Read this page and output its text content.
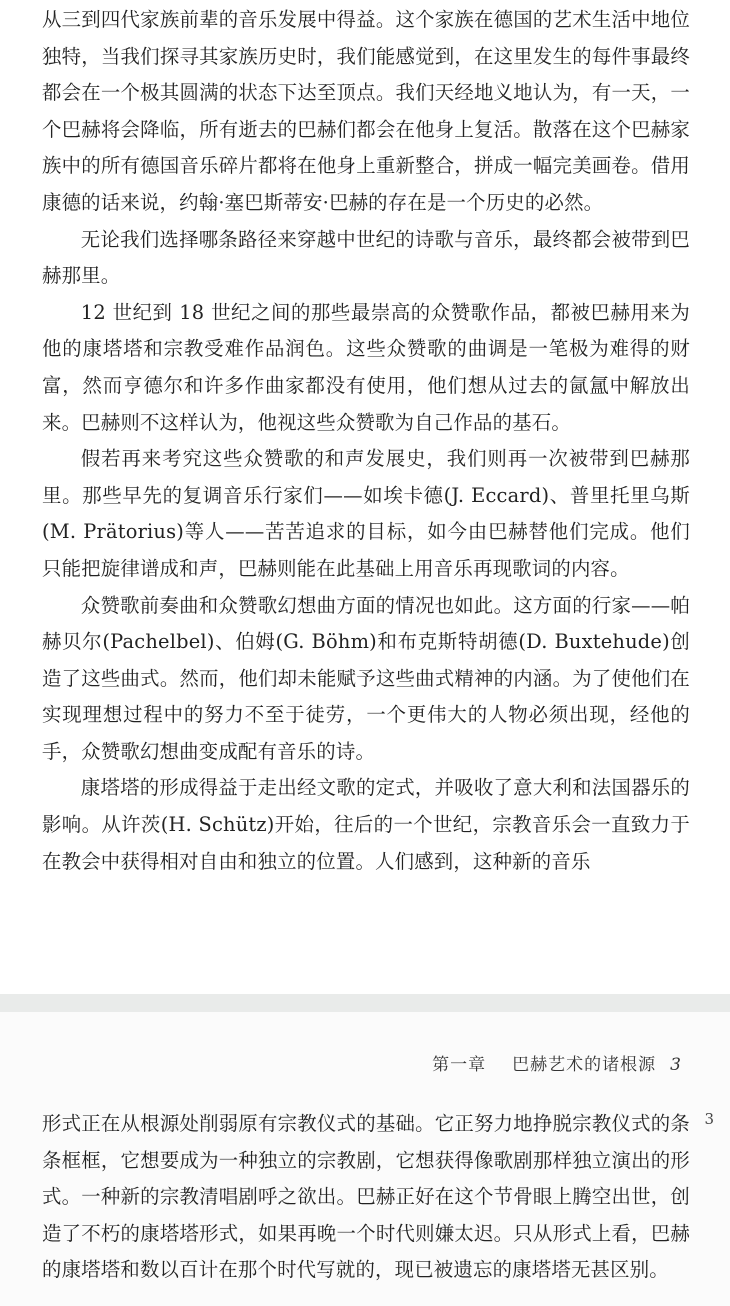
从三到四代家族前辈的音乐发展中得益。这个家族在德国的艺术生活中地位独特，当我们探寻其家族历史时，我们能感觉到，在这里发生的每件事最终都会在一个极其圆满的状态下达至顶点。我们天经地义地认为，有一天，一个巴赫将会降临，所有逝去的巴赫们都会在他身上复活。散落在这个巴赫家族中的所有德国音乐碎片都将在他身上重新整合，拼成一幅完美画卷。借用康德的话来说，约翰·塞巴斯蒂安·巴赫的存在是一个历史的必然。

无论我们选择哪条路径来穿越中世纪的诗歌与音乐，最终都会被带到巴赫那里。

12 世纪到 18 世纪之间的那些最崇高的众赞歌作品，都被巴赫用来为他的康塔塔和宗教受难作品润色。这些众赞歌的曲调是一笔极为难得的财富，然而亨德尔和许多作曲家都没有使用，他们想从过去的氤氲中解放出来。巴赫则不这样认为，他视这些众赞歌为自己作品的基石。

假若再来考究这些众赞歌的和声发展史，我们则再一次被带到巴赫那里。那些早先的复调音乐行家们——如埃卡德(J. Eccard)、普里托里乌斯(M. Prätorius)等人——苦苦追求的目标，如今由巴赫替他们完成。他们只能把旋律谱成和声，巴赫则能在此基础上用音乐再现歌词的内容。

众赞歌前奏曲和众赞歌幻想曲方面的情况也如此。这方面的行家——帕赫贝尔(Pachelbel)、伯姆(G. Böhm)和布克斯特胡德(D. Buxtehude)创造了这些曲式。然而，他们却未能赋予这些曲式精神的内涵。为了使他们在实现理想过程中的努力不至于徒劳，一个更伟大的人物必须出现，经他的手，众赞歌幻想曲变成配有音乐的诗。

康塔塔的形成得益于走出经文歌的定式，并吸收了意大利和法国器乐的影响。从许茨(H. Schütz)开始，往后的一个世纪，宗教音乐会一直致力于在教会中获得相对自由和独立的位置。人们感到，这种新的音乐

第一章 巴赫艺术的诸根源 3
3

形式正在从根源处削弱原有宗教仪式的基础。它正努力地挣脱宗教仪式的条条框框，它想要成为一种独立的宗教剧，它想获得像歌剧那样独立演出的形式。一种新的宗教清唱剧呼之欲出。巴赫正好在这个节骨眼上腾空出世，创造了不朽的康塔塔形式，如果再晚一个时代则嫌太迟。只从形式上看，巴赫的康塔塔和数以百计在那个时代写就的，现已被遗忘的康塔塔无甚区别。
